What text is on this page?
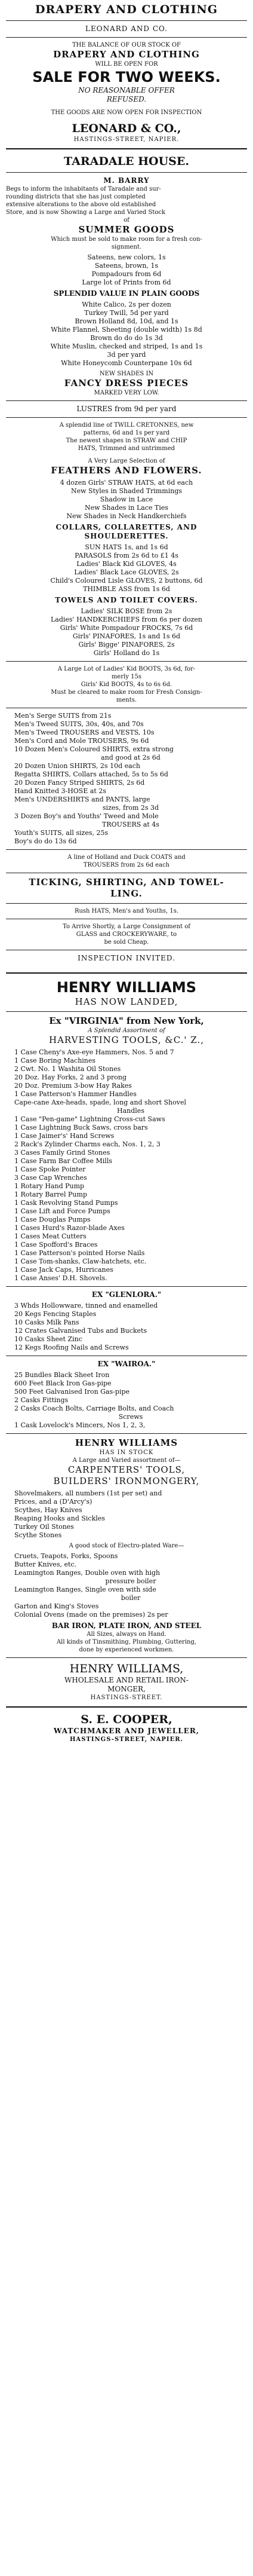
DRAPERY AND CLOTHING
LEONARD AND CO.
THE BALANCE OF OUR STOCK OF
DRAPERY AND CLOTHING
WILL BE OPEN FOR
SALE FOR TWO WEEKS.
NO REASONABLE OFFER
REFUSED.
THE GOODS ARE NOW OPEN FOR INSPECTION
LEONARD & CO.,
HASTINGS-STREET, NAPIER.
TARADALE HOUSE.
M. BARRY
Begs to inform the inhabitants of Taradale and sur-
rounding districts that she has just completed
extensive alterations to the above old established
Store, and is now Showing a Large and Varied Stock
of
SUMMER GOODS
Which must be sold to make room for a fresh con-
signment.
Sateens, new colors, 1s
Sateens, brown, 1s
Pompadours from 6d
Large lot of Prints from 6d
SPLENDID VALUE IN PLAIN GOODS
White Calico, 2s per dozen
Turkey Twill, 5d per yard
Brown Holland 8d, 10d, and 1s
White Flannel, Sheeting (double width) 1s 8d
Brown do do do 1s 3d
White Muslin, checked and striped, 1s and 1s
3d per yard
White Honeycomb Counterpane 10s 6d
NEW SHADES IN
FANCY DRESS PIECES
MARKED VERY LOW.
LUSTRES from 9d per yard
A splendid line of TWILL CRETONNES, new
patterns, 6d and 1s per yard
The newest shapes in STRAW and CHIP
HATS, Trimmed and untrimmed
A Very Large Selection of
FEATHERS AND FLOWERS.
4 dozen Girls' STRAW HATS, at 6d each
New Styles in Shaded Trimmings
Shadow in Lace
New Shades in Lace Ties
New Shades in Neck Handkerchiefs
COLLARS, COLLARETTES, AND
SHOULDERETTES.
SUN HATS 1s, and 1s 6d
PARASOLS from 2s 6d to £1 4s
Ladies' Black Kid GLOVES, 4s
Ladies' Black Lace GLOVES, 2s
Child's Coloured Lisle GLOVES, 2 buttons, 6d
THIMBLE ASS from 1s 6d
TOWELS AND TOILET COVERS.
Ladies' SILK BOSE from 2s
Ladies' HANDKERCHIEFS from 6s per dozen
Girls' White Pompadour FROCKS, 7s 6d
Girls' PINAFORES, 1s and 1s 6d
Girls' Bigge' PINAFORES, 2s
Girls' Holland do 1s
A Large Lot of Ladies' Kid BOOTS, 3s 6d, for-
merly 15s
Girls' Kid BOOTS, 4s to 6s 6d.
Must be cleared to make room for Fresh Consign-
ments.
Men's Serge SUITS from 21s
Men's Tweed SUITS, 30s, 40s, and 70s
Men's Tweed TROUSERS and VESTS, 10s
Men's Cord and Mole TROUSERS, 9s 6d
10 Dozen Men's Coloured SHIRTS, extra strong
and good at 2s 6d
20 Dozen Union SHIRTS, 2s 10d each
Regatta SHIRTS, Collars attached, 5s to 5s 6d
20 Dozen Fancy Striped SHIRTS, 2s 6d
Hand Knitted 3-HOSE at 2s
Men's UNDERSHIRTS and PANTS, large
sizes, from 2s 3d
3 Dozen Boy's and Youths' Tweed and Mole
TROUSERS at 4s
Youth's SUITS, all sizes, 25s
Boy's do do 13s 6d
A line of Holland and Duck COATS and
TROUSERS from 2s 6d each
TICKING, SHIRTING, AND TOWEL-
LING.
Rush HATS, Men's and Youths, 1s.
To Arrive Shortly, a Large Consignment of
GLASS and CROCKERYWARE, to
be sold Cheap.
INSPECTION INVITED.
HENRY WILLIAMS
HAS NOW LANDED,
Ex "VIRGINIA" from New York,
A Splendid Assortment of
HARVESTING TOOLS, &C.' Z.,
1 Case Cheny's Axe-eye Hammers, Nos. 5 and 7
1 Case Boring Machines
2 Cwt. No. 1 Washita Oil Stones
20 Doz. Hay Forks, 2 and 3 prong
20 Doz. Premium 3-bow Hay Rakes
1 Case Patterson's Hammer Handles
Cape-cane Axe-heads, spade, long and short Shovel
Handles
1 Case "Pen-game" Lightning Cross-cut Saws
1 Case Lightning Buck Saws, cross bars
1 Case Jaimer's' Hand Screws
2 Rack's Zylinder Charms each, Nos. 1, 2, 3
3 Cases Family Grind Stones
1 Case Farm Bar Coffee Mills
1 Case Spoke Pointer
3 Case Cap Wrenches
1 Rotary Hand Pump
1 Rotary Barrel Pump
1 Cask Revolving Stand Pumps
1 Case Lift and Force Pumps
1 Case Douglas Pumps
1 Cases Hurd's Razor-blade Axes
1 Cases Meat Cutters
1 Case Spofford's Braces
1 Case Patterson's pointed Horse Nails
1 Case Tom-shanks, Claw-hatchets, etc.
1 Case Jack Caps, Hurricanes
1 Case Anses' D.H. Shovels.
EX "GLENLORA."
3 Whds Hollowware, tinned and enamelled
20 Kegs Fencing Staples
10 Casks Milk Pans
12 Crates Galvanised Tubs and Buckets
10 Casks Sheet Zinc
12 Kegs Roofing Nails and Screws
EX "WAIROA."
25 Bundles Black Sheet Iron
600 Feet Black Iron Gas-pipe
500 Feet Galvanised Iron Gas-pipe
2 Casks Fittings
2 Casks Coach Bolts, Carriage Bolts, and Coach
Screws
1 Cask Lovelock's Mincers, Nos 1, 2, 3,
HENRY WILLIAMS
HAS IN STOCK
A Large and Varied assortment of—
CARPENTERS' TOOLS,
BUILDERS' IRONMONGERY,
Shovelmakers, all numbers (1st per set) and
Prices, and a (D'Arcy's)
Scythes, Hay Knives
Reaping Hooks and Sickles
Turkey Oil Stones
Scythe Stones
A good stock of Electro-plated Ware—
Cruets, Teapots, Forks, Spoons
Butter Knives, etc.
Leamington Ranges, Double oven with high
pressure boiler
Leamington Ranges, Single oven with side
boiler
Garton and King's Stoves
Colonial Ovens (made on the premises) 2s per
BAR IRON, PLATE IRON, AND STEEL
All Sizes, always on Hand.
All kinds of Tinsmithing, Plumbing, Guttering,
done by experienced workmen.
HENRY WILLIAMS,
WHOLESALE AND RETAIL IRON-
MONGER,
HASTINGS-STREET.
S. E. COOPER,
WATCHMAKER AND JEWELLER,
HASTINGS-STREET, NAPIER.
